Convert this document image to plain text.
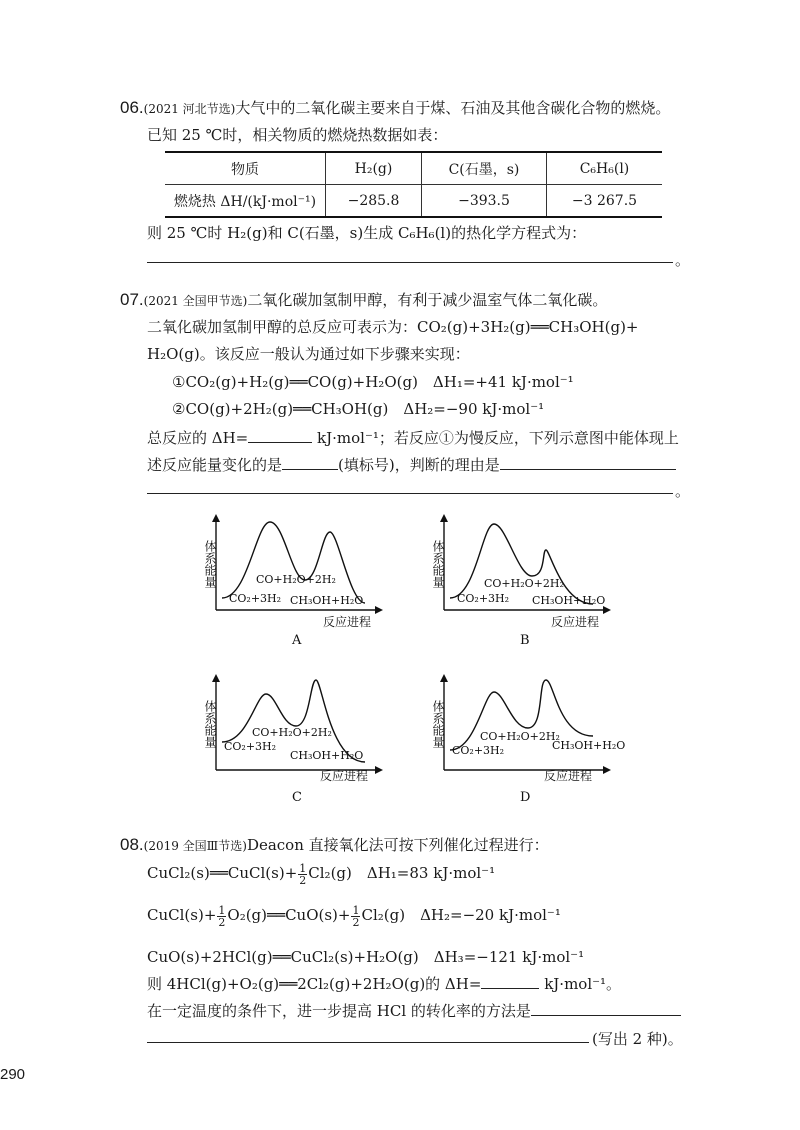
06.(2021 河北节选)大气中的二氧化碳主要来自于煤、石油及其他含碳化合物的燃烧。
已知 25 ℃时，相关物质的燃烧热数据如表：
物质	H₂(g)	C(石墨，s)	C₆H₆(l)
燃烧热 ΔH/(kJ·mol⁻¹)	−285.8	−393.5	−3 267.5
则 25 ℃时 H₂(g)和 C(石墨，s)生成 C₆H₆(l)的热化学方程式为：
。
07.(2021 全国甲节选)二氧化碳加氢制甲醇，有利于减少温室气体二氧化碳。
二氧化碳加氢制甲醇的总反应可表示为：CO₂(g)+3H₂(g)══CH₃OH(g)+
H₂O(g)。该反应一般认为通过如下步骤来实现：
①CO₂(g)+H₂(g)══CO(g)+H₂O(g)　ΔH₁=+41 kJ·mol⁻¹
②CO(g)+2H₂(g)══CH₃OH(g)　ΔH₂=−90 kJ·mol⁻¹
总反应的 ΔH=	kJ·mol⁻¹；若反应①为慢反应，下列示意图中能体现上
述反应能量变化的是	(填标号)，判断的理由是
。
体系能量	CO+H₂O+2H₂
CO₂+3H₂ CH₃OH+H₂O
反应进程
A
体系能量	CO+H₂O+2H₂
CO₂+3H₂ CH₃OH+H₂O
反应进程
B
体系能量	CO+H₂O+2H₂
CO₂+3H₂
CH₃OH+H₂O
反应进程
C
体系能量	CO+H₂O+2H₂
CO₂+3H₂	CH₃OH+H₂O
反应进程
D
08.(2019 全国Ⅲ节选)Deacon 直接氧化法可按下列催化过程进行：
CuCl₂(s)══CuCl(s)+ $\frac{1}{2} Cl_2(g)$　ΔH₁=83 kJ·mol⁻¹
CuCl(s)+ $\frac{1}{2}$ O₂(g)══CuO(s)+ $\frac{1}{2} Cl_2(g)$　ΔH₂=−20 kJ·mol⁻¹
CuO(s)+2HCl(g)══CuCl₂(s)+H₂O(g)　ΔH₃=−121 kJ·mol⁻¹
则 4HCl(g)+O₂(g)══2Cl₂(g)+2H₂O(g)的 ΔH=	kJ·mol⁻¹。
在一定温度的条件下，进一步提高 HCl 的转化率的方法是
(写出 2 种)。
290
